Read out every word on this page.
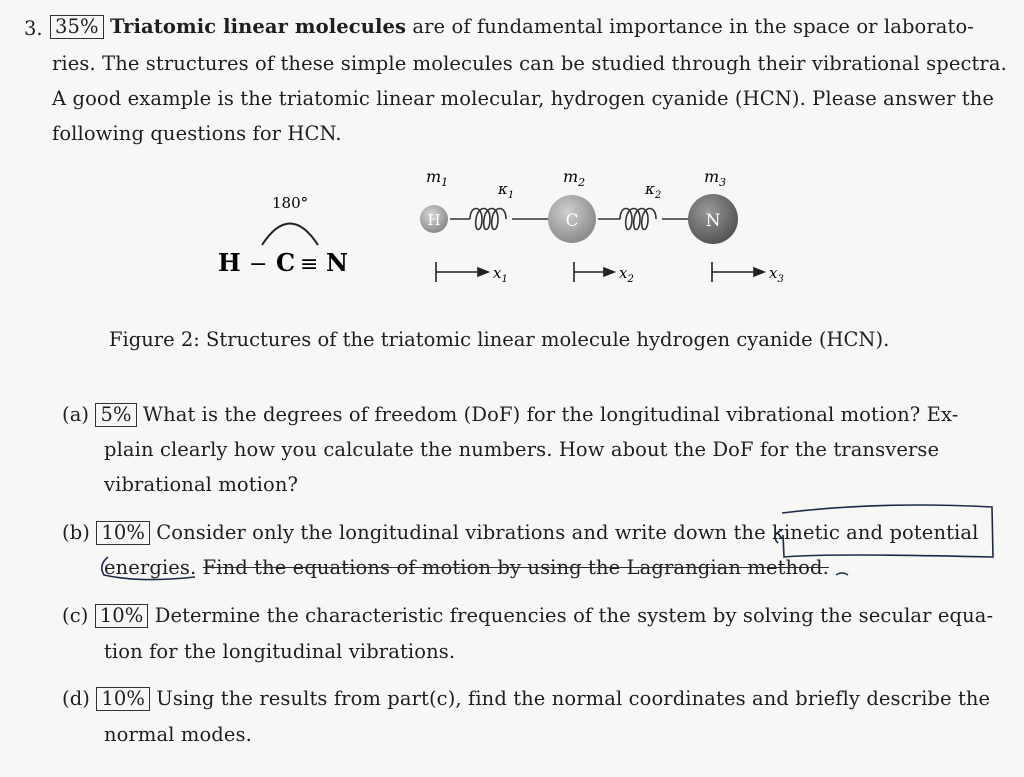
3. 35% Triatomic linear molecules are of fundamental importance in the space or laborato-
ries. The structures of these simple molecules can be studied through their vibrational spectra.
A good example is the triatomic linear molecular, hydrogen cyanide (HCN). Please answer the
following questions for HCN.
180°
H − C ≡ N
$m_1$	$m_2$	$m_3$
$\kappa_1$	$\kappa_2$
H	C	N
$x_1$	$x_2$	$x_3$
Figure 2: Structures of the triatomic linear molecule hydrogen cyanide (HCN).
(a) 5% What is the degrees of freedom (DoF) for the longitudinal vibrational motion? Ex-
plain clearly how you calculate the numbers. How about the DoF for the transverse
vibrational motion?
(b) 10% Consider only the longitudinal vibrations and write down the kinetic and potential
energies. Find the equations of motion by using the Lagrangian method.
(c) 10% Determine the characteristic frequencies of the system by solving the secular equa-
tion for the longitudinal vibrations.
(d) 10% Using the results from part(c), find the normal coordinates and briefly describe the
normal modes.
